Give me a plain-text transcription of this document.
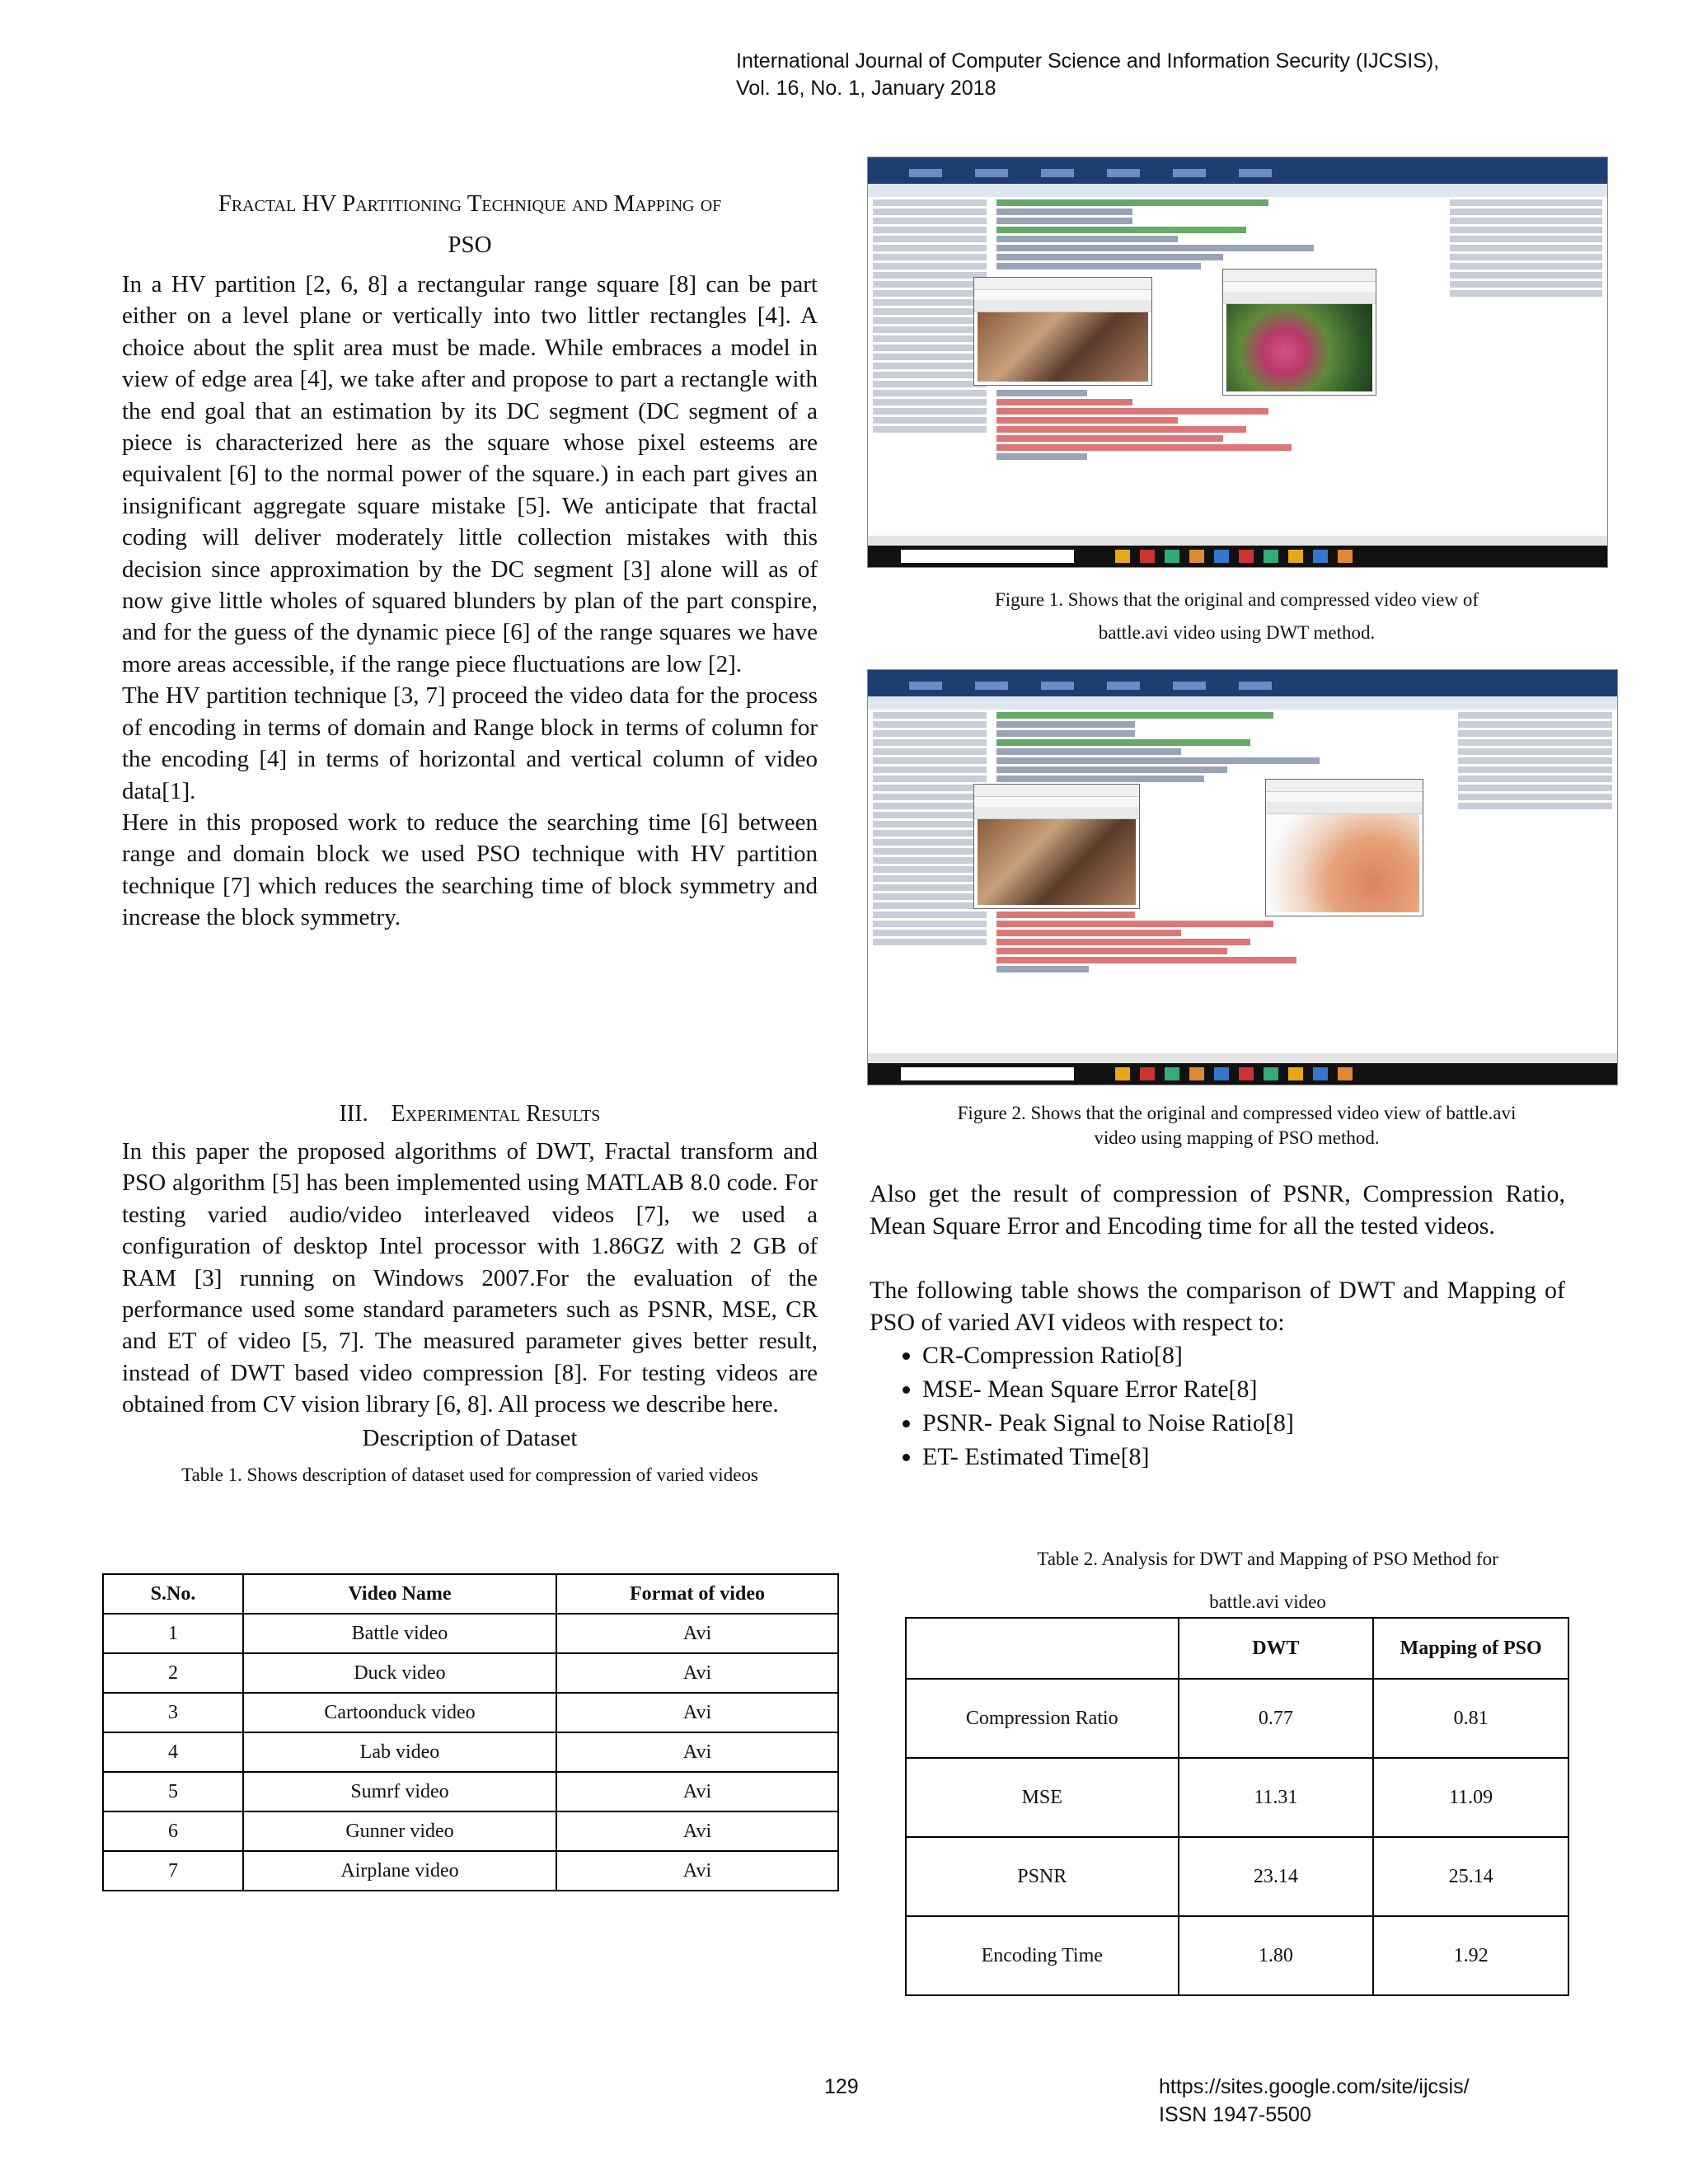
International Journal of Computer Science and Information Security (IJCSIS),
Vol. 16, No. 1, January 2018
Fractal HV Partitioning Technique and Mapping of
PSO

In a HV partition [2, 6, 8] a rectangular range square [8] can be part either on a level plane or vertically into two littler rectangles [4]. A choice about the split area must be made. While embraces a model in view of edge area [4], we take after and propose to part a rectangle with the end goal that an estimation by its DC segment (DC segment of a piece is characterized here as the square whose pixel esteems are equivalent [6] to the normal power of the square.) in each part gives an insignificant aggregate square mistake [5]. We anticipate that fractal coding will deliver moderately little collection mistakes with this decision since approximation by the DC segment [3] alone will as of now give little wholes of squared blunders by plan of the part conspire, and for the guess of the dynamic piece [6] of the range squares we have more areas accessible, if the range piece fluctuations are low [2].

The HV partition technique [3, 7] proceed the video data for the process of encoding in terms of domain and Range block in terms of column for the encoding [4] in terms of horizontal and vertical column of video data[1].

Here in this proposed work to reduce the searching time [6] between range and domain block we used PSO technique with HV partition technique [7] which reduces the searching time of block symmetry and increase the block symmetry.

III. Experimental Results

In this paper the proposed algorithms of DWT, Fractal transform and PSO algorithm [5] has been implemented using MATLAB 8.0 code. For testing varied audio/video interleaved videos [7], we used a configuration of desktop Intel processor with 1.86GZ with 2 GB of RAM [3] running on Windows 2007.For the evaluation of the performance used some standard parameters such as PSNR, MSE, CR and ET of video [5, 7]. The measured parameter gives better result, instead of DWT based video compression [8]. For testing videos are obtained from CV vision library [6, 8]. All process we describe here.

Description of Dataset
Table 1. Shows description of dataset used for compression of varied videos
S.No.	Video Name	Format of video
1	Battle video	Avi
2	Duck video	Avi
3	Cartoonduck video	Avi
4	Lab video	Avi
5	Sumrf video	Avi
6	Gunner video	Avi
7	Airplane video	Avi
Figure 1. Shows that the original and compressed video view of
battle.avi video using DWT method.
Figure 2. Shows that the original and compressed video view of battle.avi
video using mapping of PSO method.

Also get the result of compression of PSNR, Compression Ratio, Mean Square Error and Encoding time for all the tested videos.

The following table shows the comparison of DWT and Mapping of PSO of varied AVI videos with respect to:

• CR-Compression Ratio[8]
• MSE- Mean Square Error Rate[8]
• PSNR- Peak Signal to Noise Ratio[8]
• ET- Estimated Time[8]
Table 2. Analysis for DWT and Mapping of PSO Method for
battle.avi video
	DWT	Mapping of PSO
Compression Ratio	0.77	0.81
MSE	11.31	11.09
PSNR	23.14	25.14
Encoding Time	1.80	1.92
129	https://sites.google.com/site/ijcsis/
ISSN 1947-5500
